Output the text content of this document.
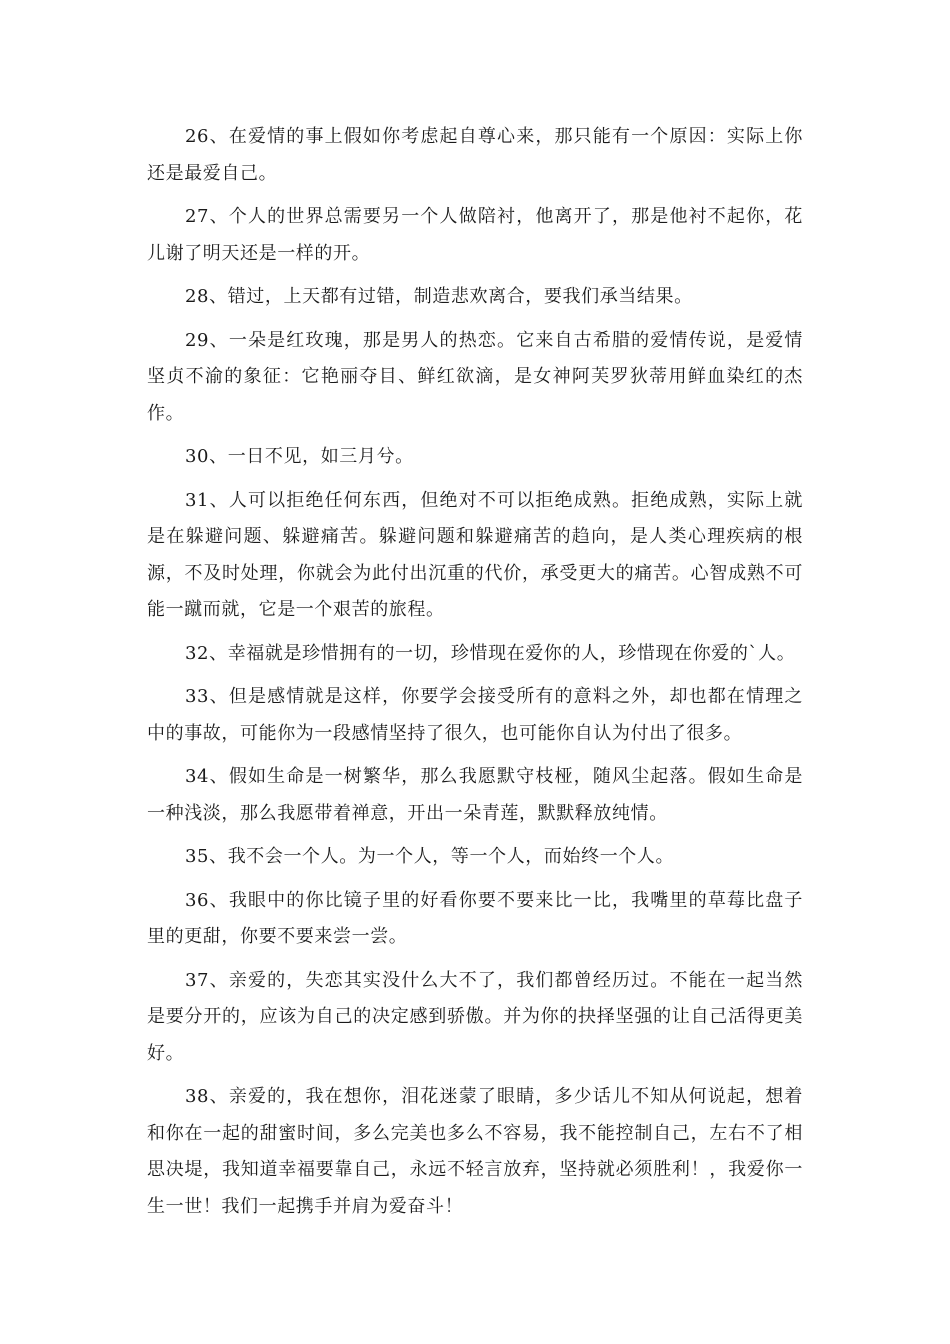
26、在爱情的事上假如你考虑起自尊心来，那只能有一个原因：实际上你还是最爱自己。

27、个人的世界总需要另一个人做陪衬，他离开了，那是他衬不起你，花儿谢了明天还是一样的开。

28、错过，上天都有过错，制造悲欢离合，要我们承当结果。

29、一朵是红玫瑰，那是男人的热恋。它来自古希腊的爱情传说，是爱情坚贞不渝的象征：它艳丽夺目、鲜红欲滴，是女神阿芙罗狄蒂用鲜血染红的杰作。

30、一日不见，如三月兮。

31、人可以拒绝任何东西，但绝对不可以拒绝成熟。拒绝成熟，实际上就是在躲避问题、躲避痛苦。躲避问题和躲避痛苦的趋向，是人类心理疾病的根源，不及时处理，你就会为此付出沉重的代价，承受更大的痛苦。心智成熟不可能一蹴而就，它是一个艰苦的旅程。

32、幸福就是珍惜拥有的一切，珍惜现在爱你的人，珍惜现在你爱的`人。

33、但是感情就是这样，你要学会接受所有的意料之外，却也都在情理之中的事故，可能你为一段感情坚持了很久，也可能你自认为付出了很多。

34、假如生命是一树繁华，那么我愿默守枝桠，随风尘起落。假如生命是一种浅淡，那么我愿带着禅意，开出一朵青莲，默默释放纯情。

35、我不会一个人。为一个人，等一个人，而始终一个人。

36、我眼中的你比镜子里的好看你要不要来比一比，我嘴里的草莓比盘子里的更甜，你要不要来尝一尝。

37、亲爱的，失恋其实没什么大不了，我们都曾经历过。不能在一起当然是要分开的，应该为自己的决定感到骄傲。并为你的抉择坚强的让自己活得更美好。

38、亲爱的，我在想你，泪花迷蒙了眼睛，多少话儿不知从何说起，想着和你在一起的甜蜜时间，多么完美也多么不容易，我不能控制自己，左右不了相思决堤，我知道幸福要靠自己，永远不轻言放弃，坚持就必须胜利！，我爱你一生一世！我们一起携手并肩为爱奋斗！
